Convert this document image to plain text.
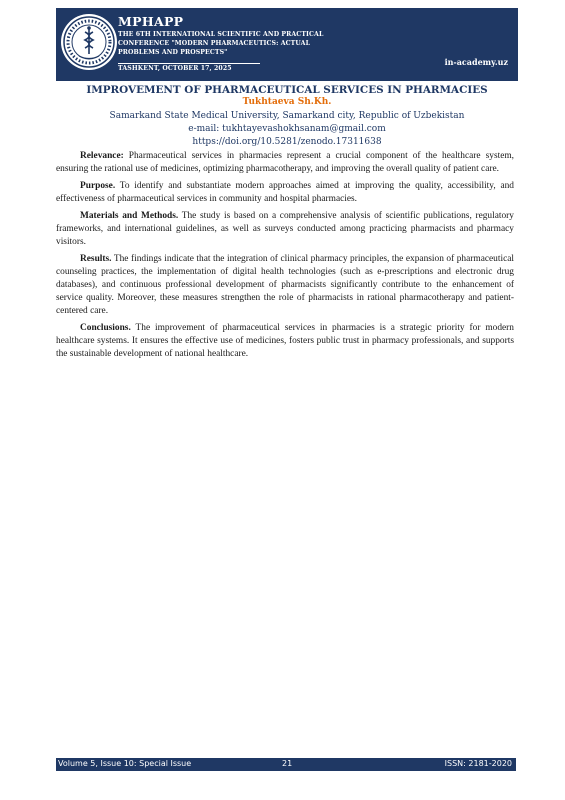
MPHAPP
THE 6TH INTERNATIONAL SCIENTIFIC AND PRACTICAL
CONFERENCE "MODERN PHARMACEUTICS: ACTUAL
PROBLEMS AND PROSPECTS"
TASHKENT, OCTOBER 17, 2025
in-academy.uz
IMPROVEMENT OF PHARMACEUTICAL SERVICES IN PHARMACIES
Tukhtaeva Sh.Kh.
Samarkand State Medical University, Samarkand city, Republic of Uzbekistan
e-mail: tukhtayevashokhsanam@gmail.com
https://doi.org/10.5281/zenodo.17311638

Relevance: Pharmaceutical services in pharmacies represent a crucial component of the healthcare system, ensuring the rational use of medicines, optimizing pharmacotherapy, and improving the overall quality of patient care.

Purpose. To identify and substantiate modern approaches aimed at improving the quality, accessibility, and effectiveness of pharmaceutical services in community and hospital pharmacies.

Materials and Methods. The study is based on a comprehensive analysis of scientific publications, regulatory frameworks, and international guidelines, as well as surveys conducted among practicing pharmacists and pharmacy visitors.

Results. The findings indicate that the integration of clinical pharmacy principles, the expansion of pharmaceutical counseling practices, the implementation of digital health technologies (such as e-prescriptions and electronic drug databases), and continuous professional development of pharmacists significantly contribute to the enhancement of service quality. Moreover, these measures strengthen the role of pharmacists in rational pharmacotherapy and patient-centered care.

Conclusions. The improvement of pharmaceutical services in pharmacies is a strategic priority for modern healthcare systems. It ensures the effective use of medicines, fosters public trust in pharmacy professionals, and supports the sustainable development of national healthcare.

Volume 5, Issue 10: Special Issue	21	ISSN: 2181-2020
